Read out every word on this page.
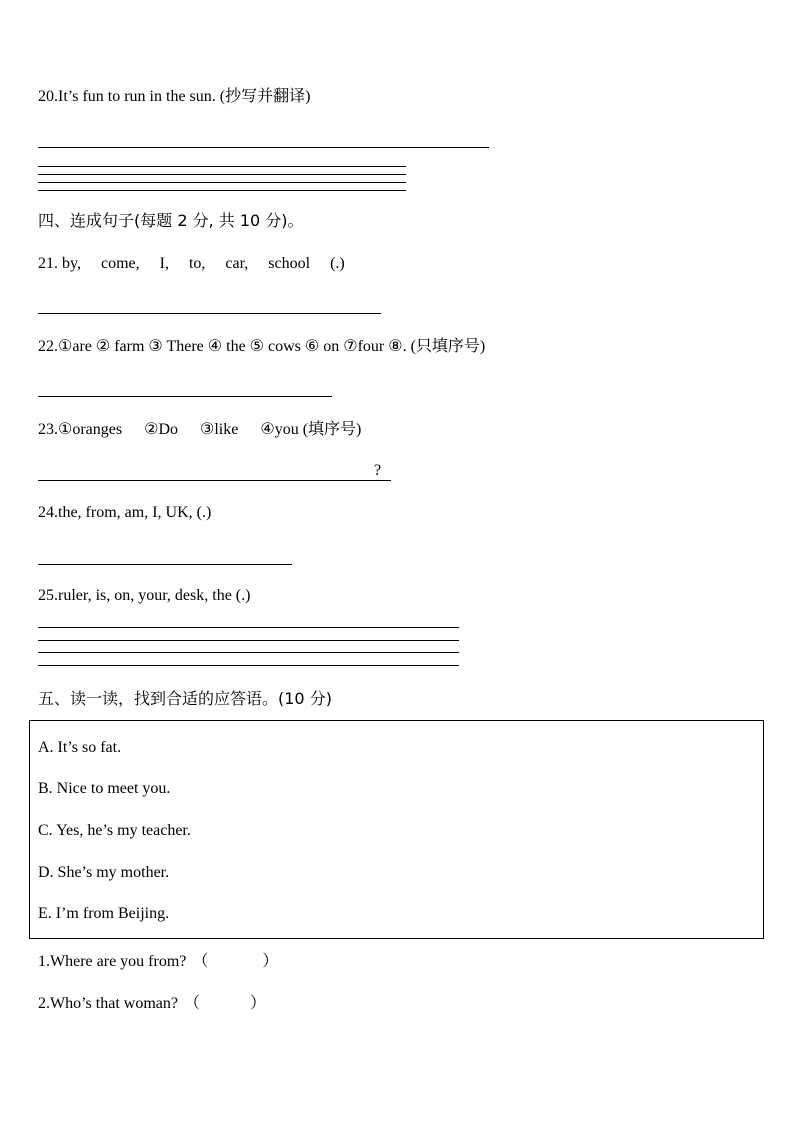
20.It’s fun to run in the sun. (抄写并翻译)
四、连成句子(每题 2 分, 共 10 分)。
21. by, come, I, to, car, school (.)
22.①are ② farm ③ There ④ the ⑤ cows ⑥ on ⑦four ⑧. (只填序号)
23.①oranges ②Do ③like ④you (填序号)
?
24.the, from, am, I, UK, (.)
25.ruler, is, on, your, desk, the (.)
五、读一读，找到合适的应答语。(10 分)
A. It’s so fat.
B. Nice to meet you.
C. Yes, he’s my teacher.
D. She’s my mother.
E. I’m from Beijing.
1.Where are you from? （	）
2.Who’s that woman? （	）
